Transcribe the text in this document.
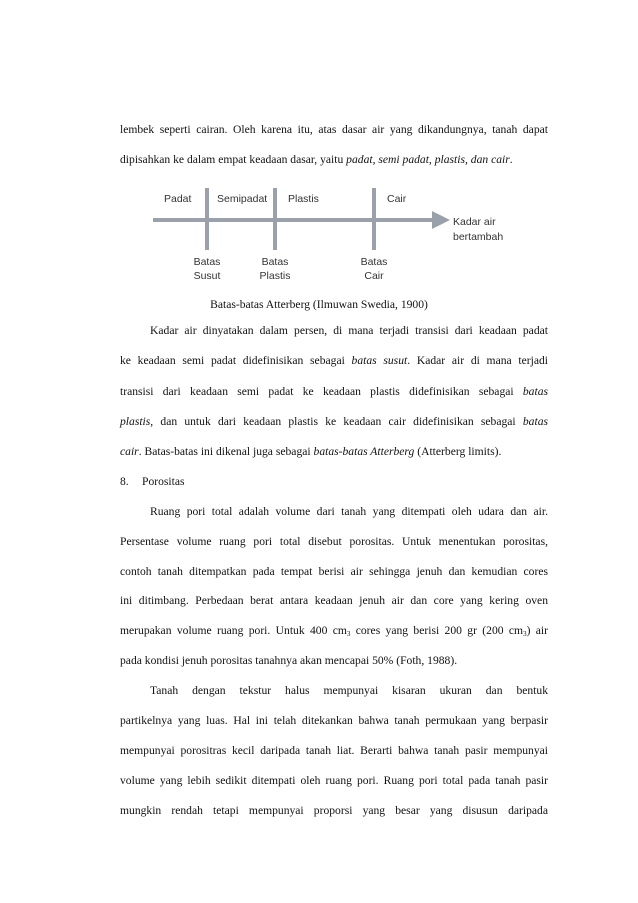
lembek seperti cairan. Oleh karena itu, atas dasar air yang dikandungnya, tanah dapat
dipisahkan ke dalam empat keadaan dasar, yaitu padat, semi padat, plastis, dan cair.
Padat Semipadat Plastis	Cair
Kadar air
bertambah
Batas
Susut
Batas
Plastis
Batas
Cair
Batas-batas Atterberg (Ilmuwan Swedia, 1900)
Kadar air dinyatakan dalam persen, di mana terjadi transisi dari keadaan padat
ke keadaan semi padat didefinisikan sebagai batas susut. Kadar air di mana terjadi
transisi dari keadaan semi padat ke keadaan plastis didefinisikan sebagai batas
plastis, dan untuk dari keadaan plastis ke keadaan cair didefinisikan sebagai batas
cair. Batas-batas ini dikenal juga sebagai batas-batas Atterberg (Atterberg limits).
8. Porositas
Ruang pori total adalah volume dari tanah yang ditempati oleh udara dan air.
Persentase volume ruang pori total disebut porositas. Untuk menentukan porositas,
contoh tanah ditempatkan pada tempat berisi air sehingga jenuh dan kemudian cores
ini ditimbang. Perbedaan berat antara keadaan jenuh air dan core yang kering oven
merupakan volume ruang pori. Untuk 400 $cm_3$ cores yang berisi 200 gr (200 $cm_3$) air
pada kondisi jenuh porositas tanahnya akan mencapai 50% (Foth, 1988).
Tanah dengan tekstur halus mempunyai kisaran ukuran dan bentuk
partikelnya yang luas. Hal ini telah ditekankan bahwa tanah permukaan yang berpasir
mempunyai porositras kecil daripada tanah liat. Berarti bahwa tanah pasir mempunyai
volume yang lebih sedikit ditempati oleh ruang pori. Ruang pori total pada tanah pasir
mungkin rendah tetapi mempunyai proporsi yang besar yang disusun daripada
